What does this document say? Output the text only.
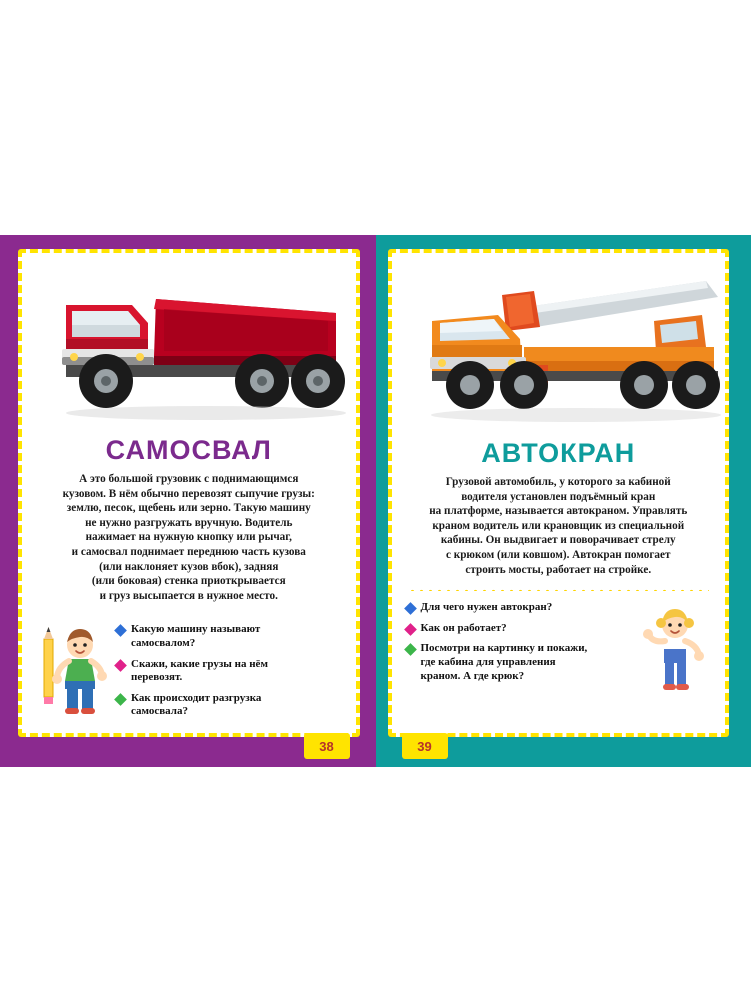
САМОСВАЛ
А это большой грузовик с поднимающимся
кузовом. В нём обычно перевозят сыпучие грузы:
землю, песок, щебень или зерно. Такую машину
не нужно разгружать вручную. Водитель
нажимает на нужную кнопку или рычаг,
и самосвал поднимает переднюю часть кузова
(или наклоняет кузов вбок), задняя
(или боковая) стенка приоткрывается
и груз высыпается в нужное место.
Какую машину называют
самосвалом?
Скажи, какие грузы на нём
перевозят.
Как происходит разгрузка
самосвала?
38
АВТОКРАН
Грузовой автомобиль, у которого за кабиной
водителя установлен подъёмный кран
на платформе, называется автокраном. Управлять
краном водитель или крановщик из специальной
кабины. Он выдвигает и поворачивает стрелу
с крюком (или ковшом). Автокран помогает
строить мосты, работает на стройке.
Для чего нужен автокран?
Как он работает?
Посмотри на картинку и покажи,
где кабина для управления
краном. А где крюк?
39
